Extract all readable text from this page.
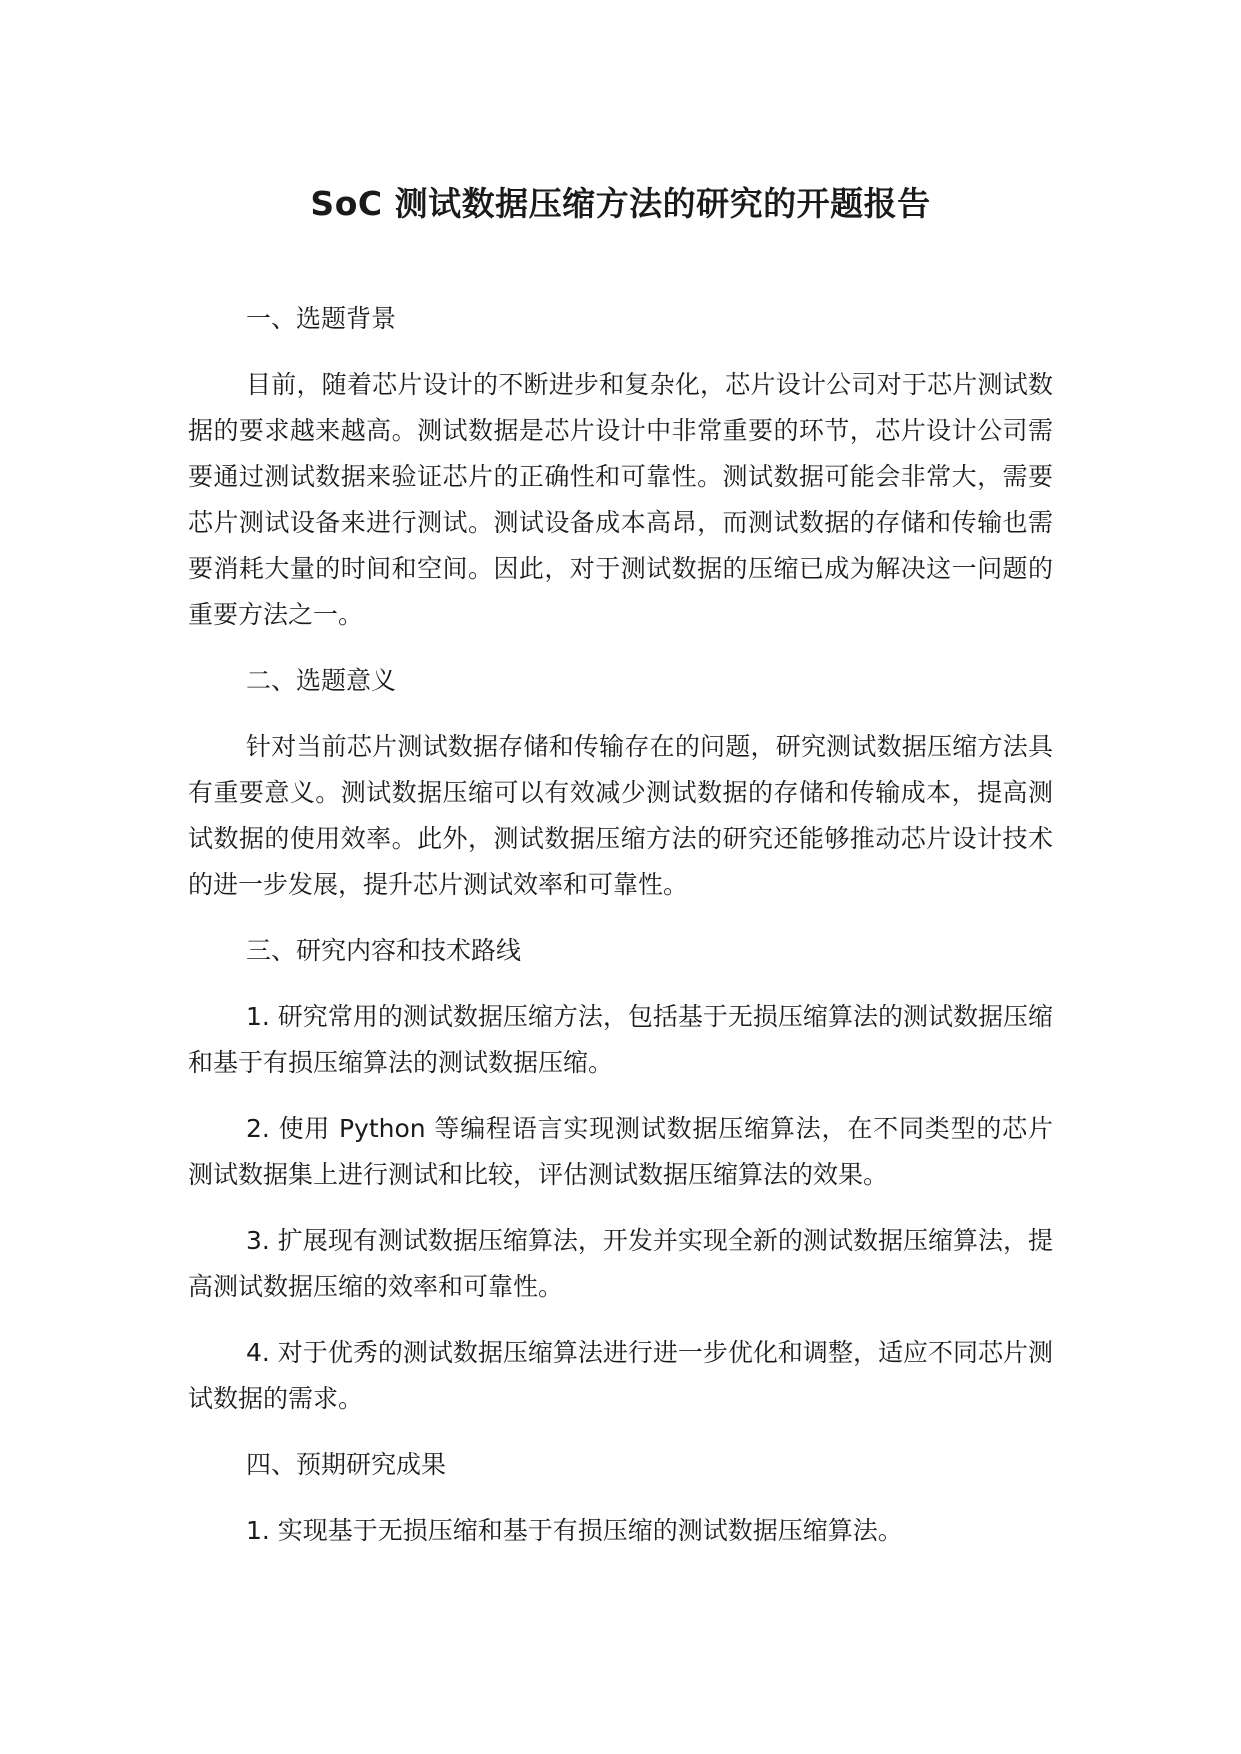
SoC 测试数据压缩方法的研究的开题报告
一、选题背景

目前，随着芯片设计的不断进步和复杂化，芯片设计公司对于芯片测试数据的要求越来越高。测试数据是芯片设计中非常重要的环节，芯片设计公司需要通过测试数据来验证芯片的正确性和可靠性。测试数据可能会非常大，需要芯片测试设备来进行测试。测试设备成本高昂，而测试数据的存储和传输也需要消耗大量的时间和空间。因此，对于测试数据的压缩已成为解决这一问题的重要方法之一。

二、选题意义

针对当前芯片测试数据存储和传输存在的问题，研究测试数据压缩方法具有重要意义。测试数据压缩可以有效减少测试数据的存储和传输成本，提高测试数据的使用效率。此外，测试数据压缩方法的研究还能够推动芯片设计技术的进一步发展，提升芯片测试效率和可靠性。

三、研究内容和技术路线

1. 研究常用的测试数据压缩方法，包括基于无损压缩算法的测试数据压缩和基于有损压缩算法的测试数据压缩。

2. 使用 Python 等编程语言实现测试数据压缩算法，在不同类型的芯片测试数据集上进行测试和比较，评估测试数据压缩算法的效果。

3. 扩展现有测试数据压缩算法，开发并实现全新的测试数据压缩算法，提高测试数据压缩的效率和可靠性。

4. 对于优秀的测试数据压缩算法进行进一步优化和调整，适应不同芯片测试数据的需求。

四、预期研究成果

1. 实现基于无损压缩和基于有损压缩的测试数据压缩算法。
